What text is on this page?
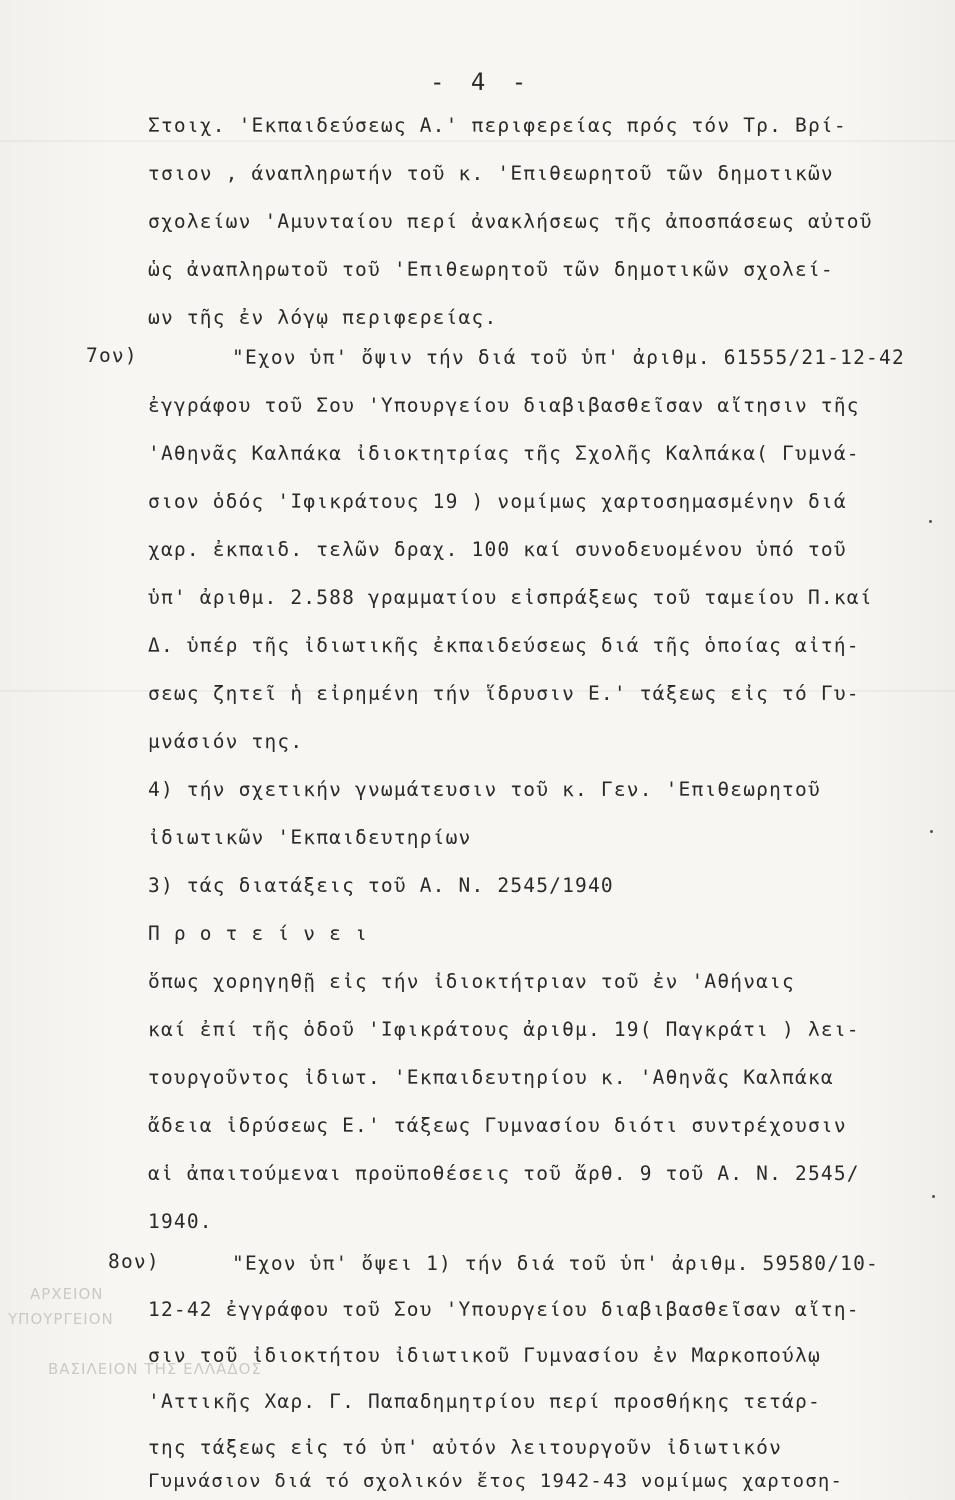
- 4 -
Στοιχ. 'Εκπαιδεύσεως Α.' περιφερείας πρός τόν Τρ. Βρί-
τσιον , άναπληρωτήν τοῦ κ. 'Επιθεωρητοῦ τῶν δημοτικῶν
σχολείων 'Αμυνταίου περί ἀνακλήσεως τῆς ἀποσπάσεως αὐτοῦ
ὡς ἀναπληρωτοῦ τοῦ 'Επιθεωρητοῦ τῶν δημοτικῶν σχολεί-
ων τῆς ἐν λόγῳ περιφερείας.
7ον)	"Εχον ὑπ' ὄψιν τήν διά τοῦ ὑπ' ἀριθμ. 61555/21-12-42
ἐγγράφου τοῦ Σου 'Υπουργείου διαβιβασθεῖσαν αἴτησιν τῆς
'Αθηνᾶς Καλπάκα ἰδιοκτητρίας τῆς Σχολῆς Καλπάκα( Γυμνά-
σιον ὁδός 'Ιφικράτους 19 ) νομίμως χαρτοσημασμένην διά
χαρ. ἐκπαιδ. τελῶν δραχ. 100 καί συνοδευομένου ὑπό τοῦ
ὑπ' ἀριθμ. 2.588 γραμματίου εἰσπράξεως τοῦ ταμείου Π.καί
Δ. ὑπέρ τῆς ἰδιωτικῆς ἐκπαιδεύσεως διά τῆς ὁποίας αἰτή-
σεως ζητεῖ ἡ εἰρημένη τήν ἵδρυσιν Ε.' τάξεως εἰς τό Γυ-
μνάσιόν της.
4) τήν σχετικήν γνωμάτευσιν τοῦ κ. Γεν. 'Επιθεωρητοῦ
ἰδιωτικῶν 'Εκπαιδευτηρίων
3) τάς διατάξεις τοῦ Α. Ν. 2545/1940
Π ρ ο τ ε ί ν ε ι
ὅπως χορηγηθῇ εἰς τήν ἰδιοκτήτριαν τοῦ ἐν 'Αθήναις
καί ἐπί τῆς ὁδοῦ 'Ιφικράτους ἀριθμ. 19( Παγκράτι ) λει-
τουργοῦντος ἰδιωτ. 'Εκπαιδευτηρίου κ. 'Αθηνᾶς Καλπάκα
ἄδεια ἱδρύσεως Ε.' τάξεως Γυμνασίου διότι συντρέχουσιν
αἱ ἀπαιτούμεναι προϋποθέσεις τοῦ ἄρθ. 9 τοῦ Α. Ν. 2545/
1940.
8ον)	"Εχον ὑπ' ὄψει 1) τήν διά τοῦ ὑπ' ἀριθμ. 59580/10-
12-42 ἐγγράφου τοῦ Σου 'Υπουργείου διαβιβασθεῖσαν αἴτη-
σιν τοῦ ἰδιοκτήτου ἰδιωτικοῦ Γυμνασίου ἐν Μαρκοπούλῳ
'Αττικῆς Χαρ. Γ. Παπαδημητρίου περί προσθήκης τετάρ-
της τάξεως εἰς τό ὑπ' αὐτόν λειτουργοῦν ἰδιωτικόν
Γυμνάσιον διά τό σχολικόν ἔτος 1942-43 νομίμως χαρτοση-
ΑΡΧΕΙΟΝ
ΥΠΟΥΡΓΕΙΟΝ
ΒΑΣΙΛΕΙΟΝ ΤΗΣ ΕΛΛΑΔΟΣ
